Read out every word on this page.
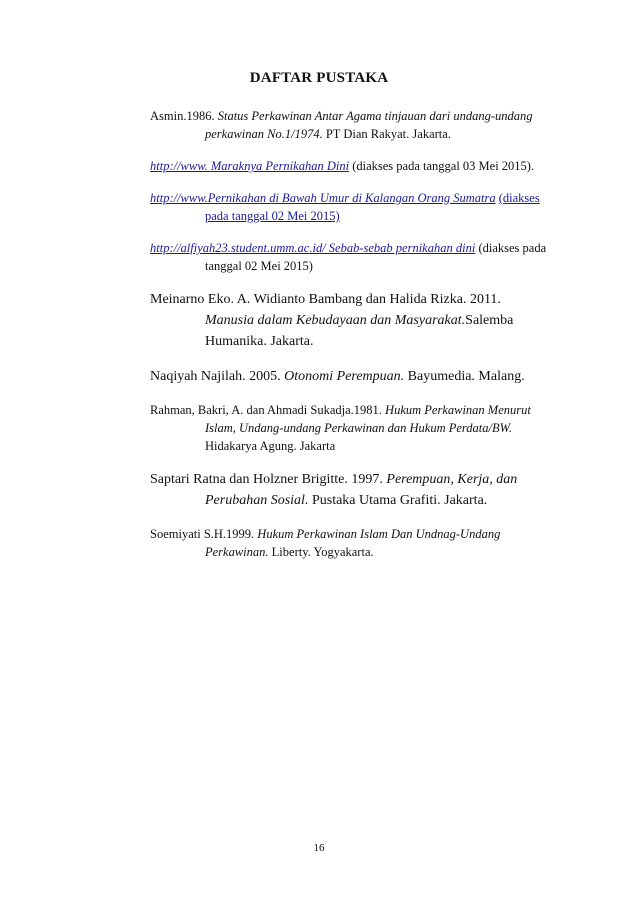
DAFTAR PUSTAKA

Asmin.1986. Status Perkawinan Antar Agama tinjauan dari undang-undang perkawinan No.1/1974. PT Dian Rakyat. Jakarta.

http://www. Maraknya Pernikahan Dini (diakses pada tanggal 03 Mei 2015).

http://www.Pernikahan di Bawah Umur di Kalangan Orang Sumatra (diakses pada tanggal 02 Mei 2015)

http://alfiyah23.student.umm.ac.id/ Sebab-sebab pernikahan dini (diakses pada tanggal 02 Mei 2015)

Meinarno Eko. A. Widianto Bambang dan Halida Rizka. 2011. Manusia dalam Kebudayaan dan Masyarakat.Salemba Humanika. Jakarta.

Naqiyah Najilah. 2005. Otonomi Perempuan. Bayumedia. Malang.

Rahman, Bakri, A. dan Ahmadi Sukadja.1981. Hukum Perkawinan Menurut Islam, Undang-undang Perkawinan dan Hukum Perdata/BW. Hidakarya Agung. Jakarta

Saptari Ratna dan Holzner Brigitte. 1997. Perempuan, Kerja, dan Perubahan Sosial. Pustaka Utama Grafiti. Jakarta.

Soemiyati S.H.1999. Hukum Perkawinan Islam Dan Undnag-Undang Perkawinan. Liberty. Yogyakarta.

16
